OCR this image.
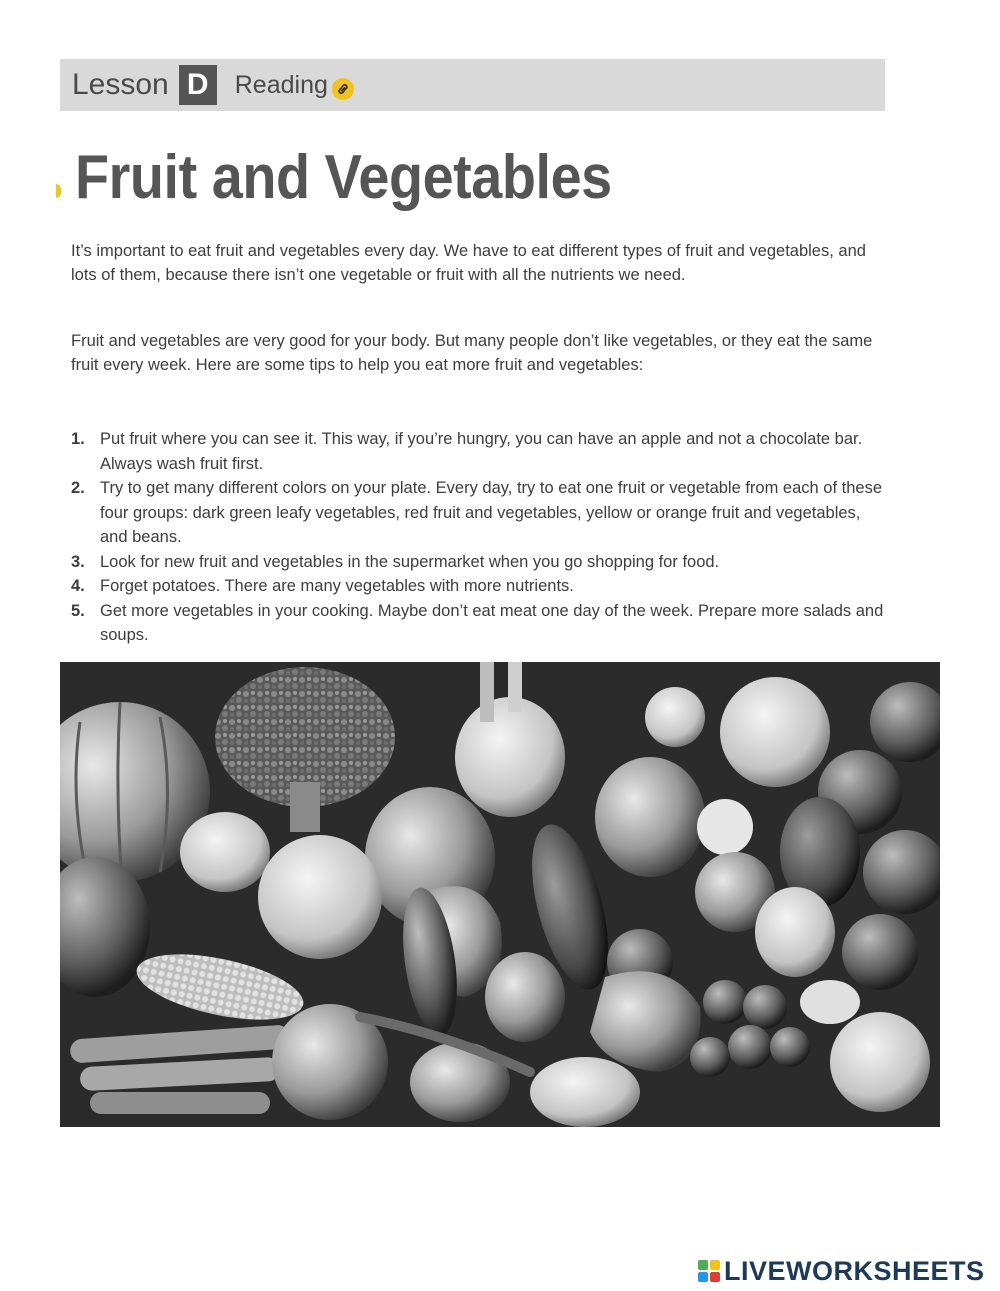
Lesson D	Reading
Fruit and Vegetables

It’s important to eat fruit and vegetables every day. We have to eat different types of fruit and vegetables, and lots of them, because there isn’t one vegetable or fruit with all the nutrients we need.

Fruit and vegetables are very good for your body. But many people don’t like vegetables, or they eat the same fruit every week. Here are some tips to help you eat more fruit and vegetables:

1. Put fruit where you can see it. This way, if you’re hungry, you can have an apple and not a chocolate bar. Always wash fruit first.
2. Try to get many different colors on your plate. Every day, try to eat one fruit or vegetable from each of these four groups: dark green leafy vegetables, red fruit and vegetables, yellow or orange fruit and vegetables, and beans.
3. Look for new fruit and vegetables in the supermarket when you go shopping for food.
4. Forget potatoes. There are many vegetables with more nutrients.
5. Get more vegetables in your cooking. Maybe don’t eat meat one day of the week. Prepare more salads and soups.
LIVEWORKSHEETS
